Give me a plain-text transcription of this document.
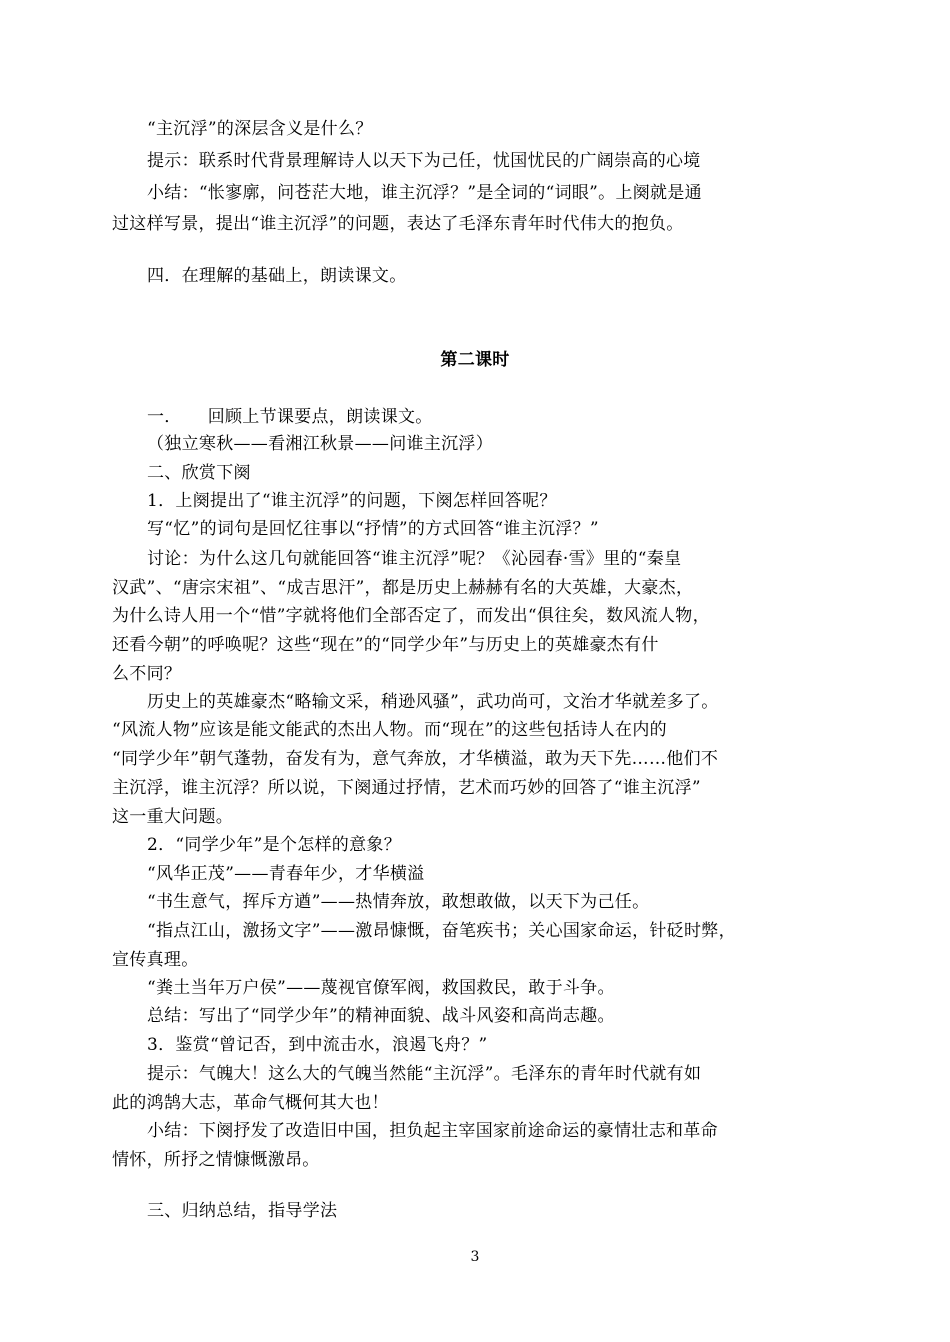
“主沉浮”的深层含义是什么？

提示：联系时代背景理解诗人以天下为己任，忧国忧民的广阔崇高的心境

小结：“怅寥廓，问苍茫大地，谁主沉浮？”是全词的“词眼”。上阕就是通

过这样写景，提出“谁主沉浮”的问题，表达了毛泽东青年时代伟大的抱负。

四．在理解的基础上，朗读课文。

第二课时

一．　　回顾上节课要点，朗读课文。

（独立寒秋——看湘江秋景——问谁主沉浮）

二、欣赏下阕

1．上阕提出了“谁主沉浮”的问题，下阕怎样回答呢？

写“忆”的词句是回忆往事以“抒情”的方式回答“谁主沉浮？”

讨论：为什么这几句就能回答“谁主沉浮”呢？《沁园春·雪》里的“秦皇

汉武”、“唐宗宋祖”、“成吉思汗”，都是历史上赫赫有名的大英雄，大豪杰，

为什么诗人用一个“惜”字就将他们全部否定了，而发出“俱往矣，数风流人物，

还看今朝”的呼唤呢？这些“现在”的“同学少年”与历史上的英雄豪杰有什

么不同？

历史上的英雄豪杰“略输文采，稍逊风骚”，武功尚可，文治才华就差多了。

“风流人物”应该是能文能武的杰出人物。而“现在”的这些包括诗人在内的

“同学少年”朝气蓬勃，奋发有为，意气奔放，才华横溢，敢为天下先……他们不

主沉浮，谁主沉浮？所以说，下阕通过抒情，艺术而巧妙的回答了“谁主沉浮”

这一重大问题。

2．“同学少年”是个怎样的意象？

“风华正茂”——青春年少，才华横溢

“书生意气，挥斥方遒”——热情奔放，敢想敢做，以天下为己任。

“指点江山，激扬文字”——激昂慷慨，奋笔疾书；关心国家命运，针砭时弊，

宣传真理。

“粪土当年万户侯”——蔑视官僚军阀，救国救民，敢于斗争。

总结：写出了“同学少年”的精神面貌、战斗风姿和高尚志趣。

3．鉴赏“曾记否，到中流击水，浪遏飞舟？”

提示：气魄大！这么大的气魄当然能“主沉浮”。毛泽东的青年时代就有如

此的鸿鹄大志，革命气概何其大也！

小结：下阕抒发了改造旧中国，担负起主宰国家前途命运的豪情壮志和革命

情怀，所抒之情慷慨激昂。

三、归纳总结，指导学法

3
